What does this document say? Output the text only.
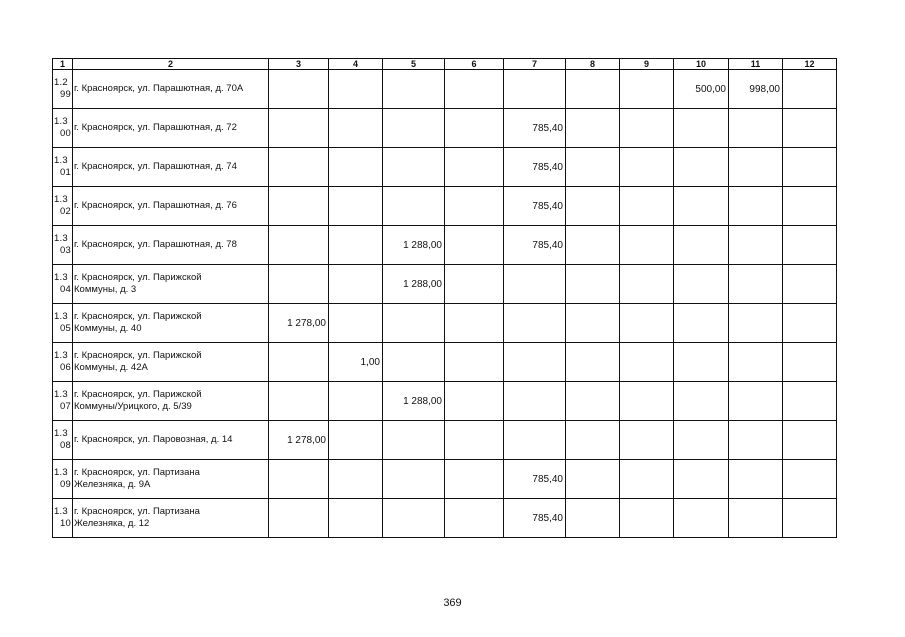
1	2	3	4	5	6	7	8	9	10	11	12

1.2
99	г. Красноярск, ул. Парашютная, д. 70А								500,00	998,00	

1.3
00	г. Красноярск, ул. Парашютная, д. 72					785,40					

1.3
01	г. Красноярск, ул. Парашютная, д. 74					785,40					

1.3
02	г. Красноярск, ул. Парашютная, д. 76					785,40					

1.3
03	г. Красноярск, ул. Парашютная, д. 78			1 288,00		785,40					

1.3
04	г. Красноярск, ул. Парижской
Коммуны, д. 3			1 288,00							

1.3
05	г. Красноярск, ул. Парижской
Коммуны, д. 40	1 278,00									

1.3
06	г. Красноярск, ул. Парижской
Коммуны, д. 42А		1,00								

1.3
07	г. Красноярск, ул. Парижской
Коммуны/Урицкого, д. 5/39			1 288,00							

1.3
08	г. Красноярск, ул. Паровозная, д. 14	1 278,00									

1.3
09	г. Красноярск, ул. Партизана
Железняка, д. 9А					785,40					

1.3
10	г. Красноярск, ул. Партизана
Железняка, д. 12					785,40					
369
